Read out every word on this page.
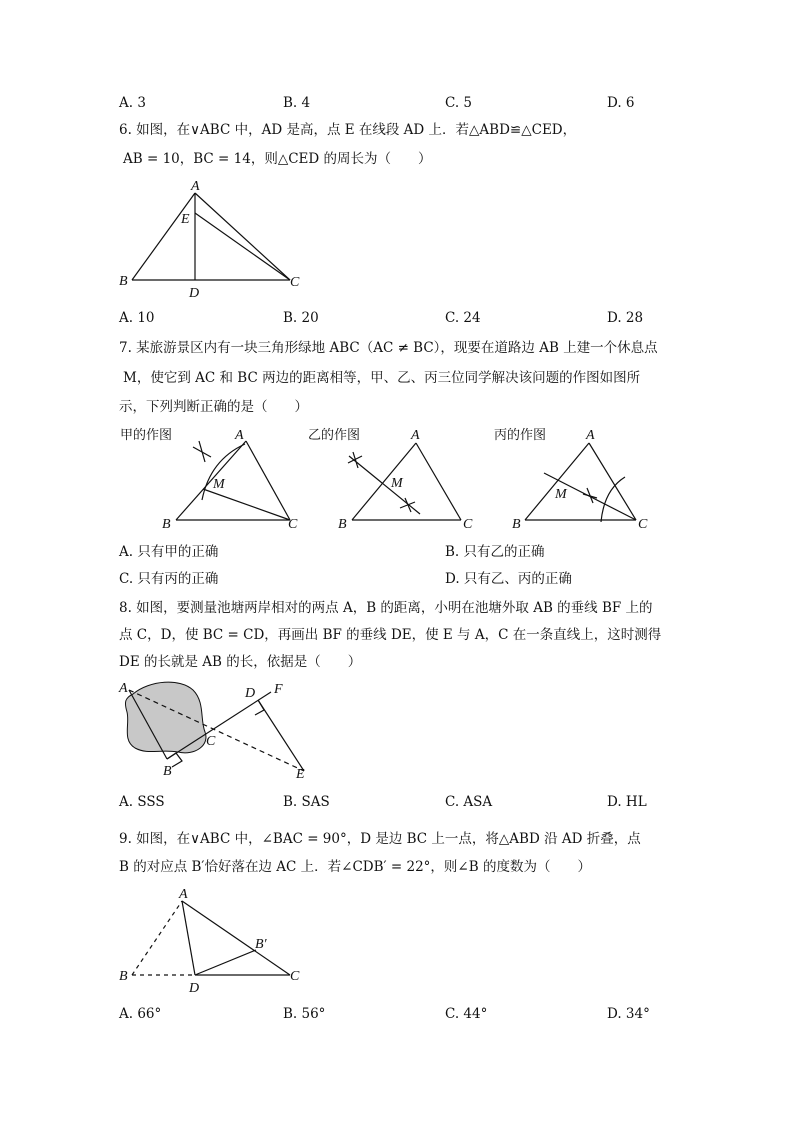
A. 3	B. 4	C. 5	D. 6
6. 如图，在∨ABC 中，AD 是高，点 E 在线段 AD 上．若△ABD≌△CED，
AB = 10，BC = 14，则△CED 的周长为（　　）
A
E
B
D
C
A. 10	B. 20	C. 24	D. 28
7. 某旅游景区内有一块三角形绿地 ABC（AC ≠ BC），现要在道路边 AB 上建一个休息点
M，使它到 AC 和 BC 两边的距离相等，甲、乙、丙三位同学解决该问题的作图如图所
示，下列判断正确的是（　　）
甲的作图	乙的作图	丙的作图
A
M
B	C
A
M
B	C
A
M
B	C
A. 只有甲的正确	B. 只有乙的正确
C. 只有丙的正确	D. 只有乙、丙的正确
8. 如图，要测量池塘两岸相对的两点 A，B 的距离，小明在池塘外取 AB 的垂线 BF 上的
点 C，D，使 BC = CD，再画出 BF 的垂线 DE，使 E 与 A，C 在一条直线上，这时测得
DE 的长就是 AB 的长，依据是（　　）
A	D F
C
B	E
A. SSS	B. SAS	C. ASA	D. HL
9. 如图，在∨ABC 中，∠BAC = 90°，D 是边 BC 上一点，将△ABD 沿 AD 折叠，点
B 的对应点 B′恰好落在边 AC 上．若∠CDB′ = 22°，则∠B 的度数为（　　）
A
B′
B
D
C
A. 66°	B. 56°	C. 44°	D. 34°
